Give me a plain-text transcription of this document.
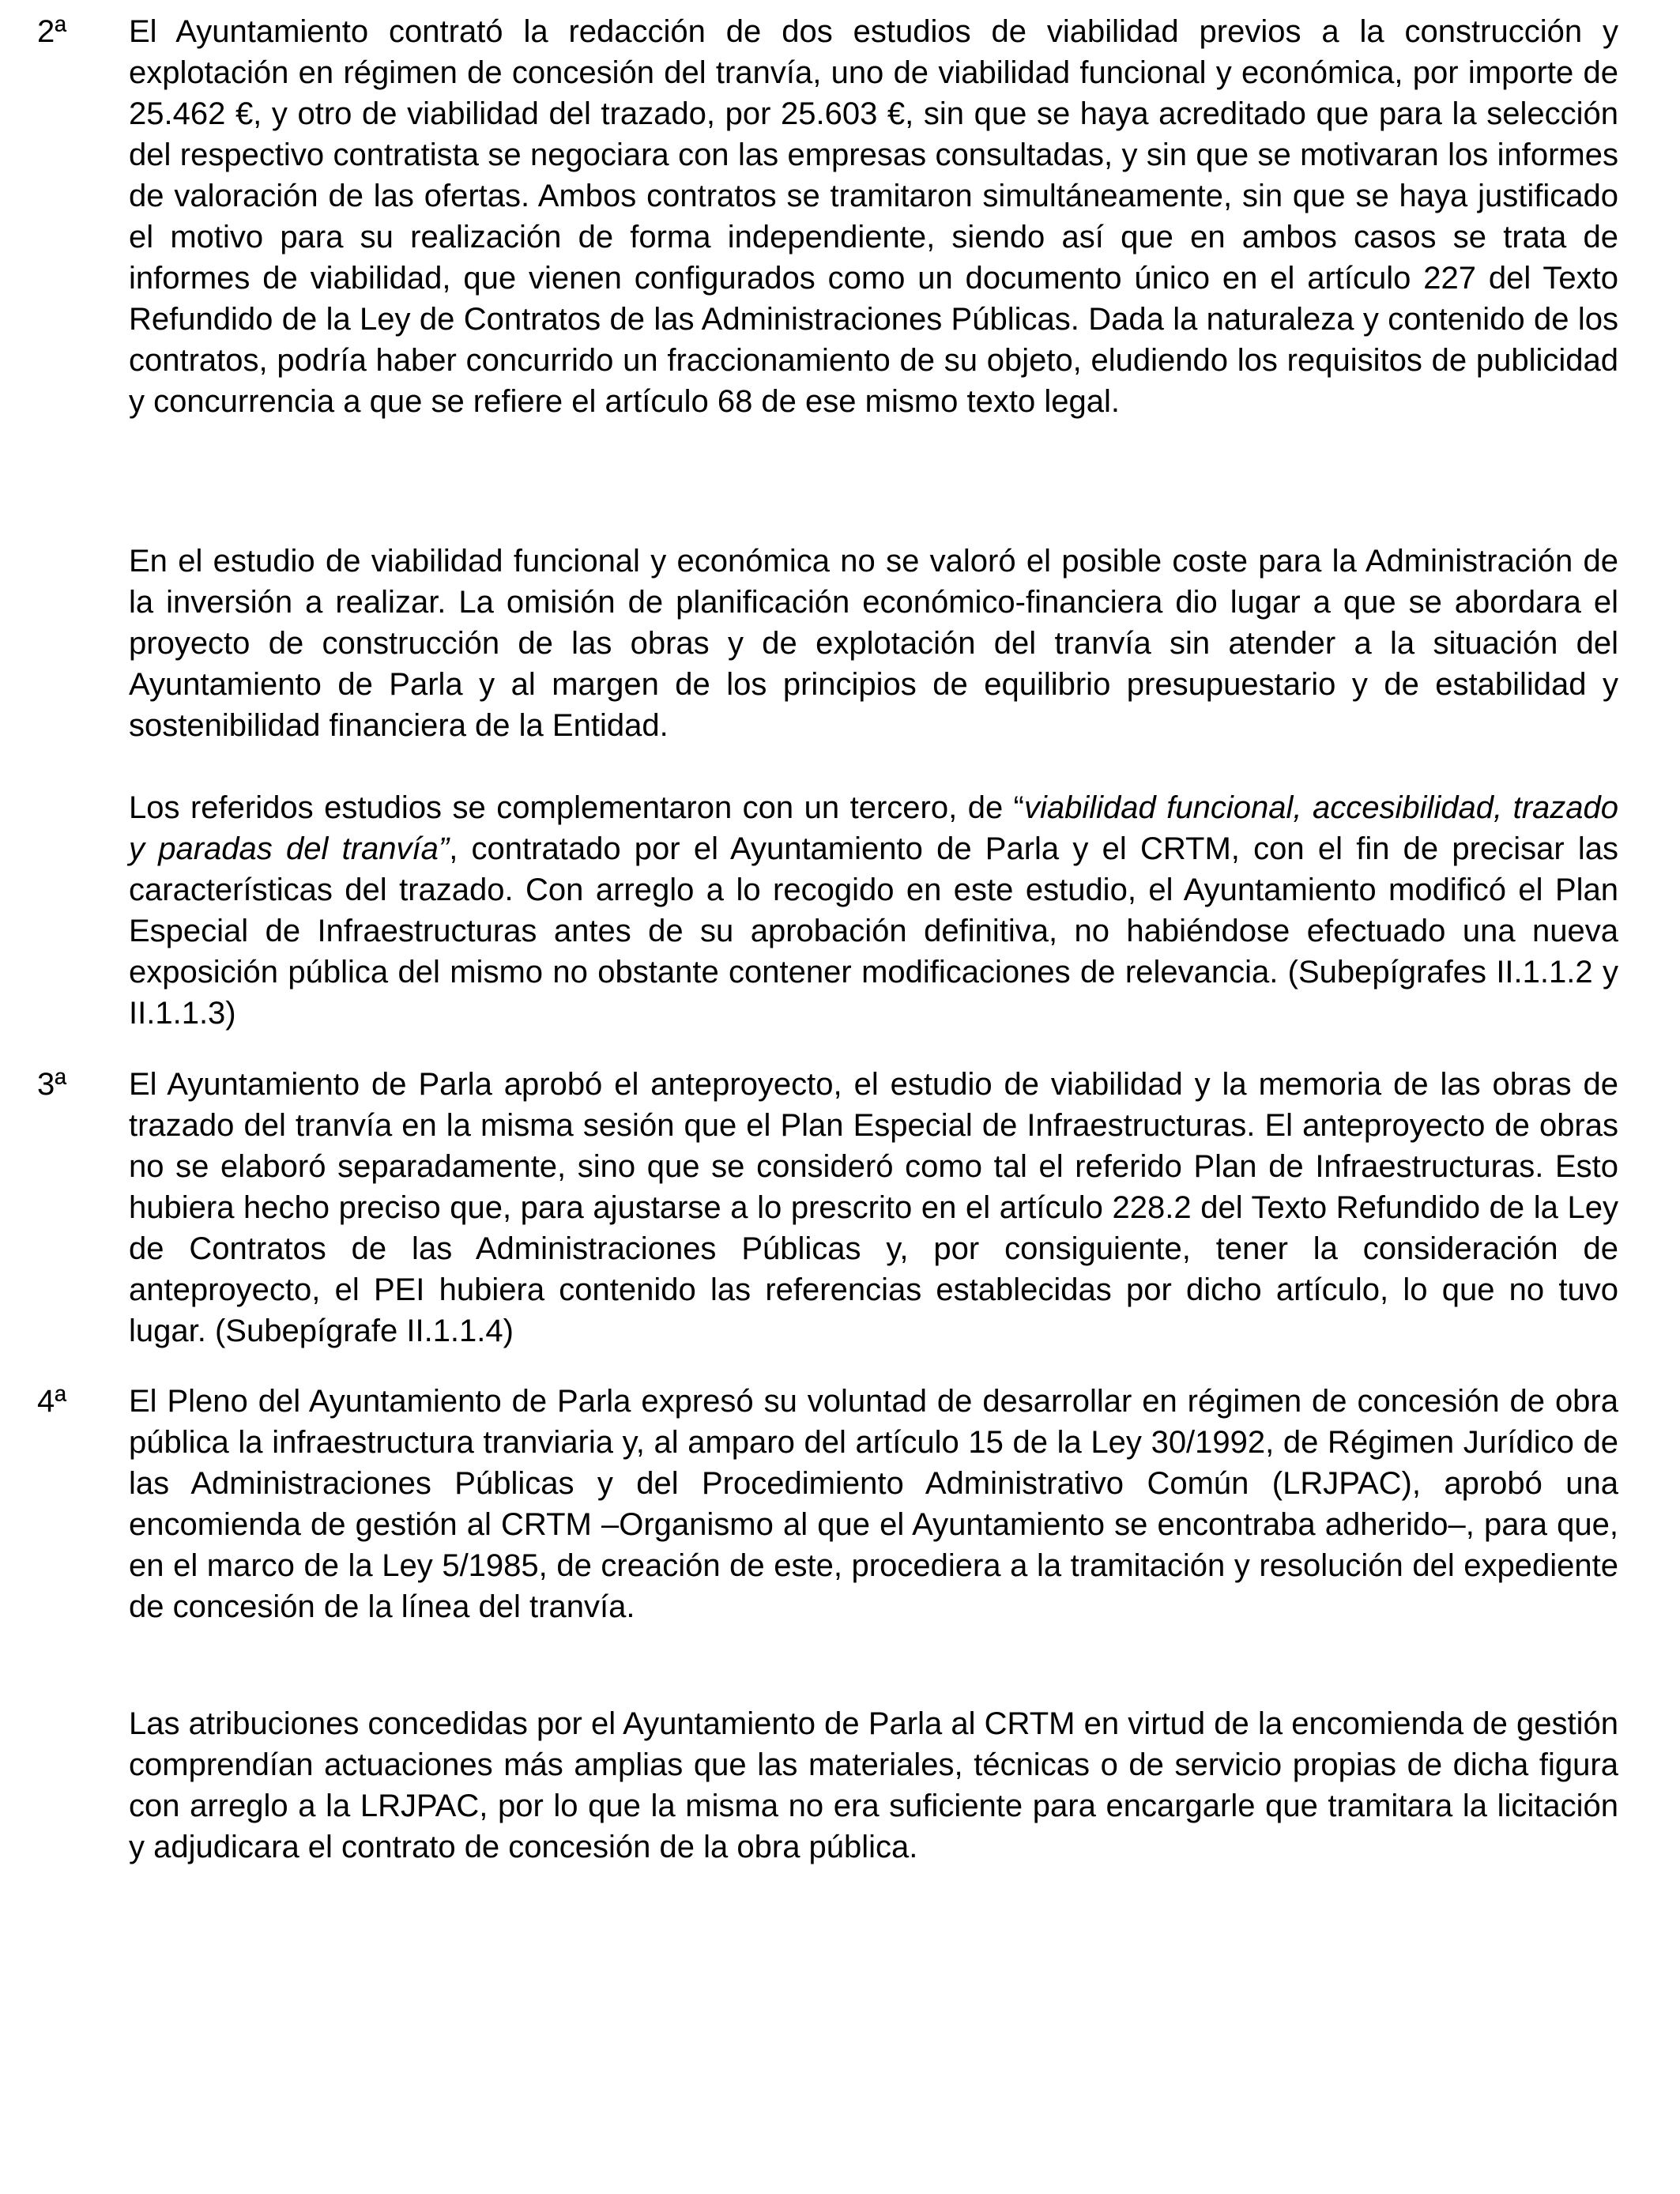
2ª El Ayuntamiento contrató la redacción de dos estudios de viabilidad previos a la construcción y explotación en régimen de concesión del tranvía, uno de viabilidad funcional y económica, por importe de 25.462 €, y otro de viabilidad del trazado, por 25.603 €, sin que se haya acreditado que para la selección del respectivo contratista se negociara con las empresas consultadas, y sin que se motivaran los informes de valoración de las ofertas. Ambos contratos se tramitaron simultáneamente, sin que se haya justificado el motivo para su realización de forma independiente, siendo así que en ambos casos se trata de informes de viabilidad, que vienen configurados como un documento único en el artículo 227 del Texto Refundido de la Ley de Contratos de las Administraciones Públicas. Dada la naturaleza y contenido de los contratos, podría haber concurrido un fraccionamiento de su objeto, eludiendo los requisitos de publicidad y concurrencia a que se refiere el artículo 68 de ese mismo texto legal.

En el estudio de viabilidad funcional y económica no se valoró el posible coste para la Administración de la inversión a realizar. La omisión de planificación económico-financiera dio lugar a que se abordara el proyecto de construcción de las obras y de explotación del tranvía sin atender a la situación del Ayuntamiento de Parla y al margen de los principios de equilibrio presupuestario y de estabilidad y sostenibilidad financiera de la Entidad.

Los referidos estudios se complementaron con un tercero, de “viabilidad funcional, accesibilidad, trazado y paradas del tranvía”, contratado por el Ayuntamiento de Parla y el CRTM, con el fin de precisar las características del trazado. Con arreglo a lo recogido en este estudio, el Ayuntamiento modificó el Plan Especial de Infraestructuras antes de su aprobación definitiva, no habiéndose efectuado una nueva exposición pública del mismo no obstante contener modificaciones de relevancia. (Subepígrafes II.1.1.2 y II.1.1.3)

3ª El Ayuntamiento de Parla aprobó el anteproyecto, el estudio de viabilidad y la memoria de las obras de trazado del tranvía en la misma sesión que el Plan Especial de Infraestructuras. El anteproyecto de obras no se elaboró separadamente, sino que se consideró como tal el referido Plan de Infraestructuras. Esto hubiera hecho preciso que, para ajustarse a lo prescrito en el artículo 228.2 del Texto Refundido de la Ley de Contratos de las Administraciones Públicas y, por consiguiente, tener la consideración de anteproyecto, el PEI hubiera contenido las referencias establecidas por dicho artículo, lo que no tuvo lugar. (Subepígrafe II.1.1.4)

4ª El Pleno del Ayuntamiento de Parla expresó su voluntad de desarrollar en régimen de concesión de obra pública la infraestructura tranviaria y, al amparo del artículo 15 de la Ley 30/1992, de Régimen Jurídico de las Administraciones Públicas y del Procedimiento Administrativo Común (LRJPAC), aprobó una encomienda de gestión al CRTM –Organismo al que el Ayuntamiento se encontraba adherido–, para que, en el marco de la Ley 5/1985, de creación de este, procediera a la tramitación y resolución del expediente de concesión de la línea del tranvía.

Las atribuciones concedidas por el Ayuntamiento de Parla al CRTM en virtud de la encomienda de gestión comprendían actuaciones más amplias que las materiales, técnicas o de servicio propias de dicha figura con arreglo a la LRJPAC, por lo que la misma no era suficiente para encargarle que tramitara la licitación y adjudicara el contrato de concesión de la obra pública.
